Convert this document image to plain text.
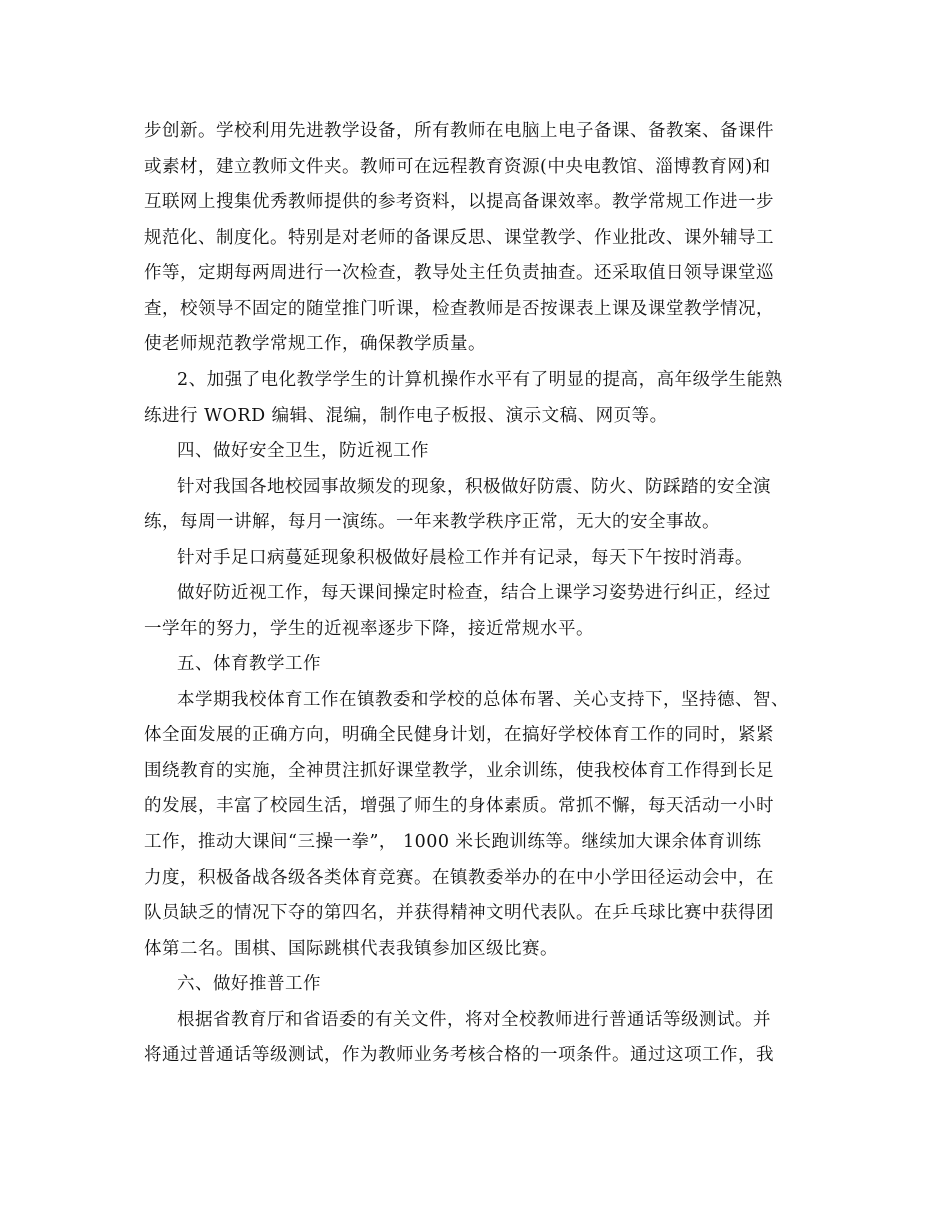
步创新。学校利用先进教学设备，所有教师在电脑上电子备课、备教案、备课件
或素材，建立教师文件夹。教师可在远程教育资源(中央电教馆、淄博教育网)和
互联网上搜集优秀教师提供的参考资料，以提高备课效率。教学常规工作进一步
规范化、制度化。特别是对老师的备课反思、课堂教学、作业批改、课外辅导工
作等，定期每两周进行一次检查，教导处主任负责抽查。还采取值日领导课堂巡
查，校领导不固定的随堂推门听课，检查教师是否按课表上课及课堂教学情况，
使老师规范教学常规工作，确保教学质量。
2、加强了电化教学学生的计算机操作水平有了明显的提高，高年级学生能熟
练进行 WORD 编辑、混编，制作电子板报、演示文稿、网页等。
四、做好安全卫生，防近视工作
针对我国各地校园事故频发的现象，积极做好防震、防火、防踩踏的安全演
练，每周一讲解，每月一演练。一年来教学秩序正常，无大的安全事故。
针对手足口病蔓延现象积极做好晨检工作并有记录，每天下午按时消毒。
做好防近视工作，每天课间操定时检查，结合上课学习姿势进行纠正，经过
一学年的努力，学生的近视率逐步下降，接近常规水平。
五、体育教学工作
本学期我校体育工作在镇教委和学校的总体布署、关心支持下，坚持德、智、
体全面发展的正确方向，明确全民健身计划，在搞好学校体育工作的同时，紧紧
围绕教育的实施，全神贯注抓好课堂教学，业余训练，使我校体育工作得到长足
的发展，丰富了校园生活，增强了师生的身体素质。常抓不懈，每天活动一小时
工作，推动大课间“三操一拳”， 1000 米长跑训练等。继续加大课余体育训练
力度，积极备战各级各类体育竞赛。在镇教委举办的在中小学田径运动会中，在
队员缺乏的情况下夺的第四名，并获得精神文明代表队。在乒乓球比赛中获得团
体第二名。围棋、国际跳棋代表我镇参加区级比赛。
六、做好推普工作
根据省教育厅和省语委的有关文件，将对全校教师进行普通话等级测试。并
将通过普通话等级测试，作为教师业务考核合格的一项条件。通过这项工作，我
